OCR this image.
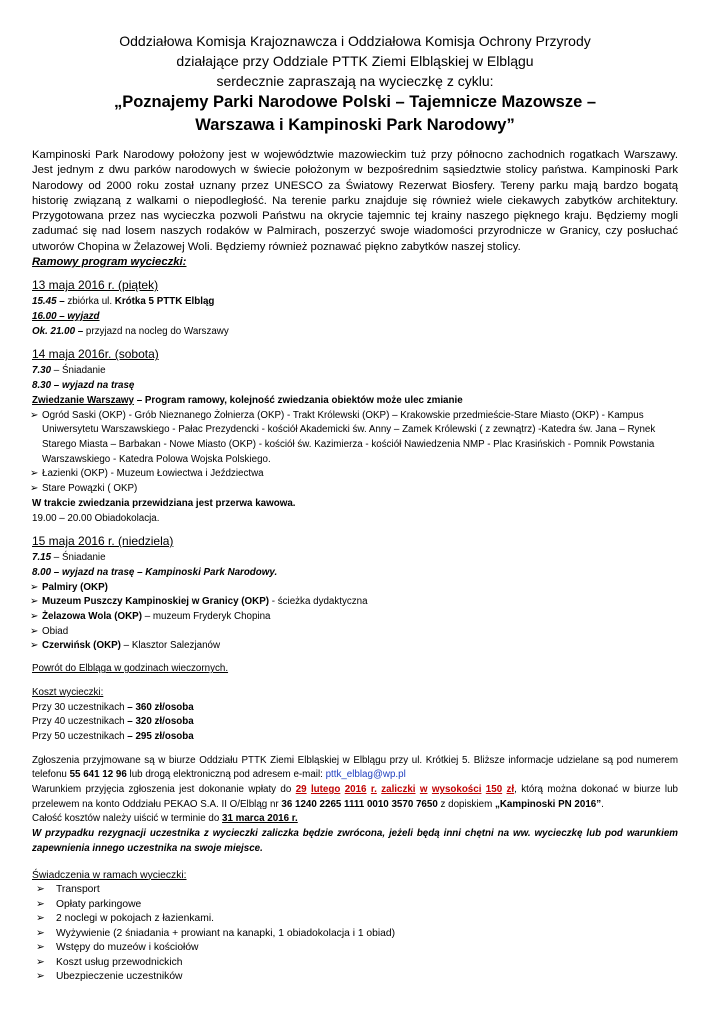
Oddziałowa Komisja Krajoznawcza i Oddziałowa Komisja Ochrony Przyrody
działające przy Oddziale PTTK Ziemi Elbląskiej w Elblągu
serdecznie zapraszają na wycieczkę z cyklu:
„Poznajemy Parki Narodowe Polski – Tajemnicze Mazowsze –
Warszawa i Kampinoski Park Narodowy”
Kampinoski Park Narodowy położony jest w województwie mazowieckim tuż przy północno zachodnich rogatkach Warszawy. Jest jednym z dwu parków narodowych w świecie położonym w bezpośrednim sąsiedztwie stolicy państwa. Kampinoski Park Narodowy od 2000 roku został uznany przez UNESCO za Światowy Rezerwat Biosfery. Tereny parku mają bardzo bogatą historię związaną z walkami o niepodległość. Na terenie parku znajduje się również wiele ciekawych zabytków architektury. Przygotowana przez nas wycieczka pozwoli Państwu na okrycie tajemnic tej krainy naszego pięknego kraju. Będziemy mogli zadumać się nad losem naszych rodaków w Palmirach, poszerzyć swoje wiadomości przyrodnicze w Granicy, czy posłuchać utworów Chopina w Żelazowej Woli. Będziemy również poznawać piękno zabytków naszej stolicy.
Ramowy program wycieczki:
13 maja 2016 r. (piątek)
15.45 – zbiórka ul. Krótka 5 PTTK Elbląg
16.00 – wyjazd
Ok. 21.00 – przyjazd na nocleg do Warszawy
14 maja 2016r. (sobota)
7.30 – Śniadanie
8.30 – wyjazd na trasę
Zwiedzanie Warszawy – Program ramowy, kolejność zwiedzania obiektów może ulec zmianie
➢ Ogród Saski (OKP) - Grób Nieznanego Żołnierza (OKP) - Trakt Królewski (OKP) – Krakowskie przedmieście-Stare Miasto (OKP) - Kampus Uniwersytetu Warszawskiego - Pałac Prezydencki - kościół Akademicki św. Anny – Zamek Królewski ( z zewnątrz) -Katedra św. Jana – Rynek Starego Miasta – Barbakan - Nowe Miasto (OKP) - kościół św. Kazimierza - kościół Nawiedzenia NMP - Plac Krasińskich - Pomnik Powstania Warszawskiego - Katedra Polowa Wojska Polskiego.
➢ Łazienki (OKP) - Muzeum Łowiectwa i Jeździectwa
➢ Stare Powązki ( OKP)
W trakcie zwiedzania przewidziana jest przerwa kawowa.
19.00 – 20.00 Obiadokolacja.
15 maja 2016 r. (niedziela)
7.15 – Śniadanie
8.00 – wyjazd na trasę – Kampinoski Park Narodowy.
➢ Palmiry (OKP)
➢ Muzeum Puszczy Kampinoskiej w Granicy (OKP) - ścieżka dydaktyczna
➢ Żelazowa Wola (OKP) – muzeum Fryderyk Chopina
➢ Obiad
➢ Czerwińsk (OKP) – Klasztor Salezjanów
Powrót do Elbląga w godzinach wieczornych.
Koszt wycieczki:
Przy 30 uczestnikach – 360 zł/osoba
Przy 40 uczestnikach – 320 zł/osoba
Przy 50 uczestnikach – 295 zł/osoba
Zgłoszenia przyjmowane są w biurze Oddziału PTTK Ziemi Elbląskiej w Elblągu przy ul. Krótkiej 5. Bliższe informacje udzielane są pod numerem telefonu 55 641 12 96 lub drogą elektroniczną pod adresem e-mail: pttk_elblag@wp.pl
Warunkiem przyjęcia zgłoszenia jest dokonanie wpłaty do 29 lutego 2016 r. zaliczki w wysokości 150 zł, którą można dokonać w biurze lub przelewem na konto Oddziału PEKAO S.A. II O/Elbląg nr 36 1240 2265 1111 0010 3570 7650 z dopiskiem „Kampinoski PN 2016”.
Całość kosztów należy uiścić w terminie do 31 marca 2016 r.
W przypadku rezygnacji uczestnika z wycieczki zaliczka będzie zwrócona, jeżeli będą inni chętni na ww. wycieczkę lub pod warunkiem zapewnienia innego uczestnika na swoje miejsce.
Świadczenia w ramach wycieczki:
➢ Transport
➢ Opłaty parkingowe
➢ 2 noclegi w pokojach z łazienkami.
➢ Wyżywienie (2 śniadania + prowiant na kanapki, 1 obiadokolacja i 1 obiad)
➢ Wstępy do muzeów i kościołów
➢ Koszt usług przewodnickich
➢ Ubezpieczenie uczestników
